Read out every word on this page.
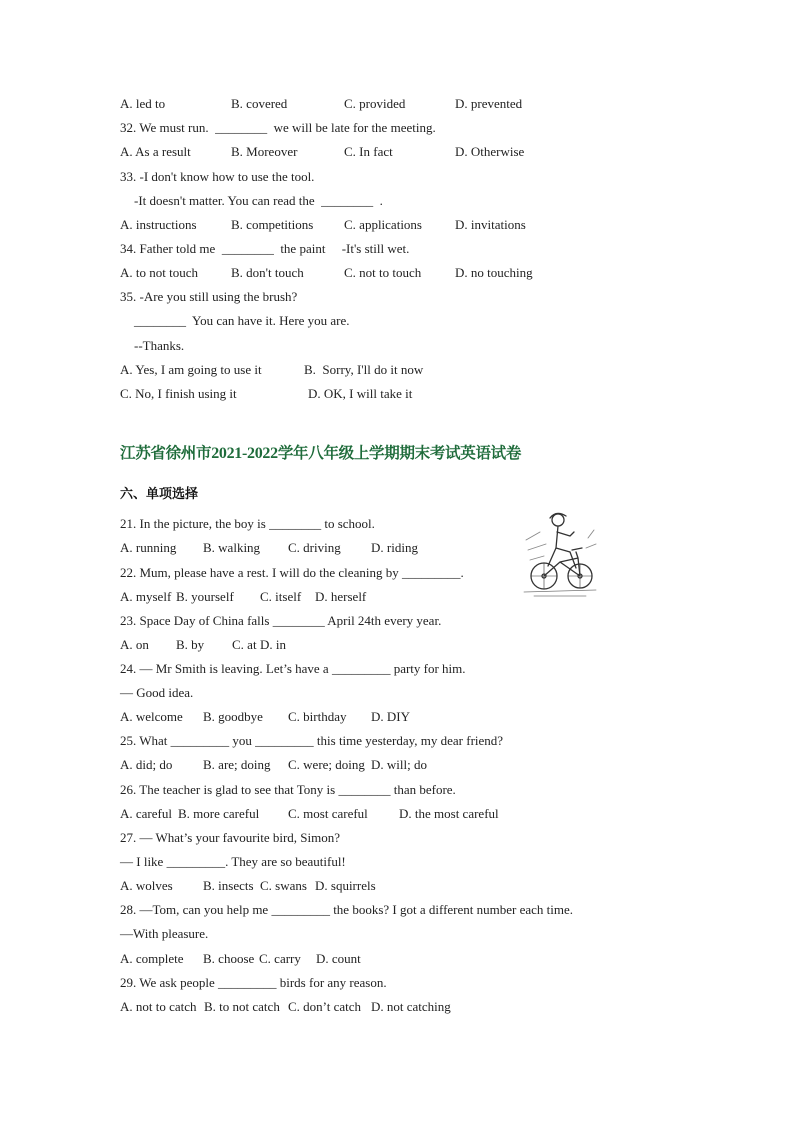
A. led to	B. covered	C. provided	D. prevented
32. We must run.  ________  we will be late for the meeting.
A. As a result	B. Moreover	C. In fact	D. Otherwise
33. -I don't know how to use the tool.
-It doesn't matter. You can read the  ________  .
A. instructions	B. competitions C. applications	D. invitations
34. Father told me  ________  the paint     -It's still wet.
A. to not touch	B. don't touch	C. not to touch	D. no touching
35. -Are you still using the brush?
________  You can have it. Here you are.
--Thanks.
A. Yes, I am going to use it	B.  Sorry, I'll do it now
C. No, I finish using it	D. OK, I will take it
江苏省徐州市2021-2022学年八年级上学期期末考试英语试卷
六、单项选择
21. In the picture, the boy is ________ to school.
A. running B. walking C. driving D. riding
22. Mum, please have a rest. I will do the cleaning by _________.
A. myself B. yourself C. itself D. herself
23. Space Day of China falls ________ April 24th every year.
A. on B. by C. at D. in
24. — Mr Smith is leaving. Let’s have a _________ party for him.
— Good idea.
A. welcome B. goodbye C. birthday D. DIY
25. What _________ you _________ this time yesterday, my dear friend?
A. did; do B. are; doing C. were; doing D. will; do
26. The teacher is glad to see that Tony is ________ than before.
A. careful B. more careful C. most careful D. the most careful
27. — What’s your favourite bird, Simon?
— I like _________. They are so beautiful!
A. wolves B. insects C. swans D. squirrels
28. —Tom, can you help me _________ the books? I got a different number each time.
—With pleasure.
A. complete B. choose C. carry D. count
29. We ask people _________ birds for any reason.
A. not to catch B. to not catch C. don’t catch D. not catching
